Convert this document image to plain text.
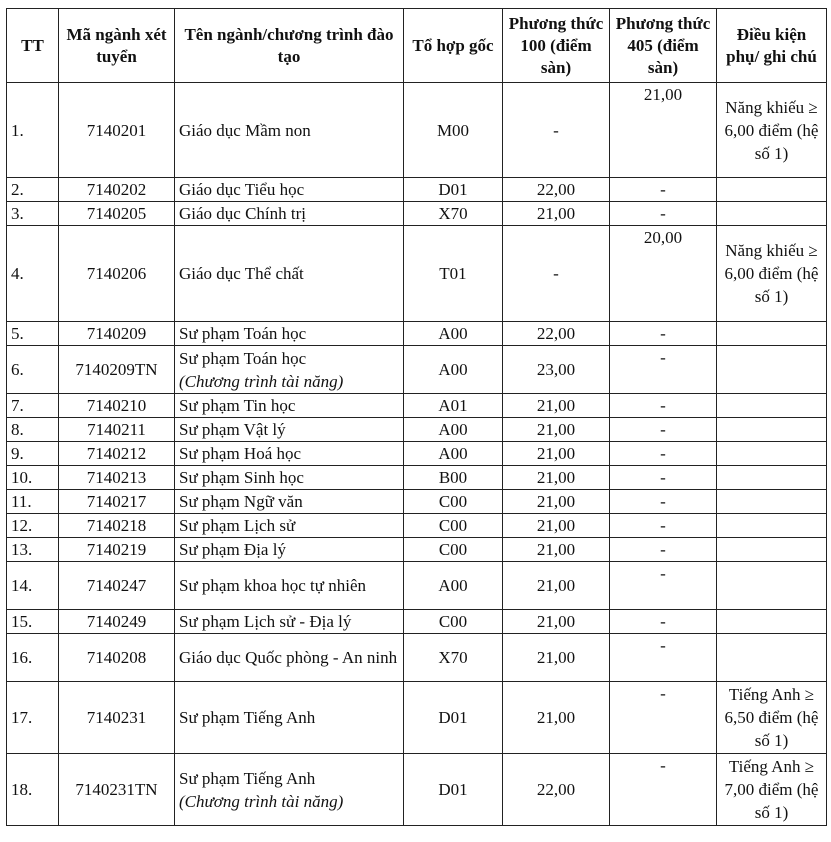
TT	Mã ngành xét tuyển	Tên ngành/chương trình đào tạo	Tổ hợp gốc	Phương thức 100 (điểm sàn)	Phương thức 405 (điểm sàn)	Điều kiện phụ/ ghi chú
1.	7140201	Giáo dục Mầm non	M00	-	21,00	Năng khiếu ≥ 6,00 điểm (hệ số 1)
2.	7140202	Giáo dục Tiểu học	D01	22,00	-	
3.	7140205	Giáo dục Chính trị	X70	21,00	-	
4.	7140206	Giáo dục Thể chất	T01	-	20,00	Năng khiếu ≥ 6,00 điểm (hệ số 1)
5.	7140209	Sư phạm Toán học	A00	22,00	-	
6.	7140209TN	Sư phạm Toán học
(Chương trình tài năng)	A00	23,00	-	
7.	7140210	Sư phạm Tin học	A01	21,00	-	
8.	7140211	Sư phạm Vật lý	A00	21,00	-	
9.	7140212	Sư phạm Hoá học	A00	21,00	-	
10.	7140213	Sư phạm Sinh học	B00	21,00	-	
11.	7140217	Sư phạm Ngữ văn	C00	21,00	-	
12.	7140218	Sư phạm Lịch sử	C00	21,00	-	
13.	7140219	Sư phạm Địa lý	C00	21,00	-	
14.	7140247	Sư phạm khoa học tự nhiên	A00	21,00	-	
15.	7140249	Sư phạm Lịch sử - Địa lý	C00	21,00	-	
16.	7140208	Giáo dục Quốc phòng - An ninh	X70	21,00	-	
17.	7140231	Sư phạm Tiếng Anh	D01	21,00	-	Tiếng Anh ≥ 6,50 điểm (hệ số 1)
18.	7140231TN	Sư phạm Tiếng Anh
(Chương trình tài năng)	D01	22,00	-	Tiếng Anh ≥ 7,00 điểm (hệ số 1)
